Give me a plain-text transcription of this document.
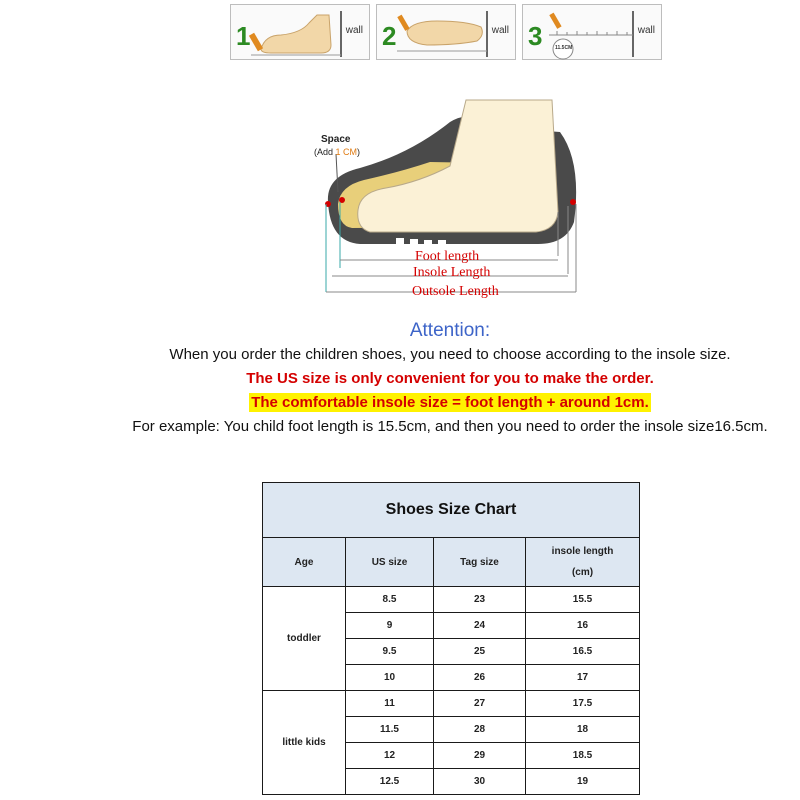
1	wall 2	wall 3	wall
11.5CM
Space
(Add 1 CM)
Foot length
Insole Length
Outsole Length
Attention:
When you order the children shoes, you need to choose according to the insole size.
The US size is only convenient for you to make the order.
The comfortable insole size = foot length + around 1cm.
For example: You child foot length is 15.5cm, and then you need to order the insole size16.5cm.
Shoes Size Chart			
Age	US size	Tag size	insole length
(cm)

toddler	8.5	23	15.5
	9	24	16
	9.5	25	16.5
	10	26	17
little kids	11	27	17.5
	11.5	28	18
	12	29	18.5
	12.5	30	19
